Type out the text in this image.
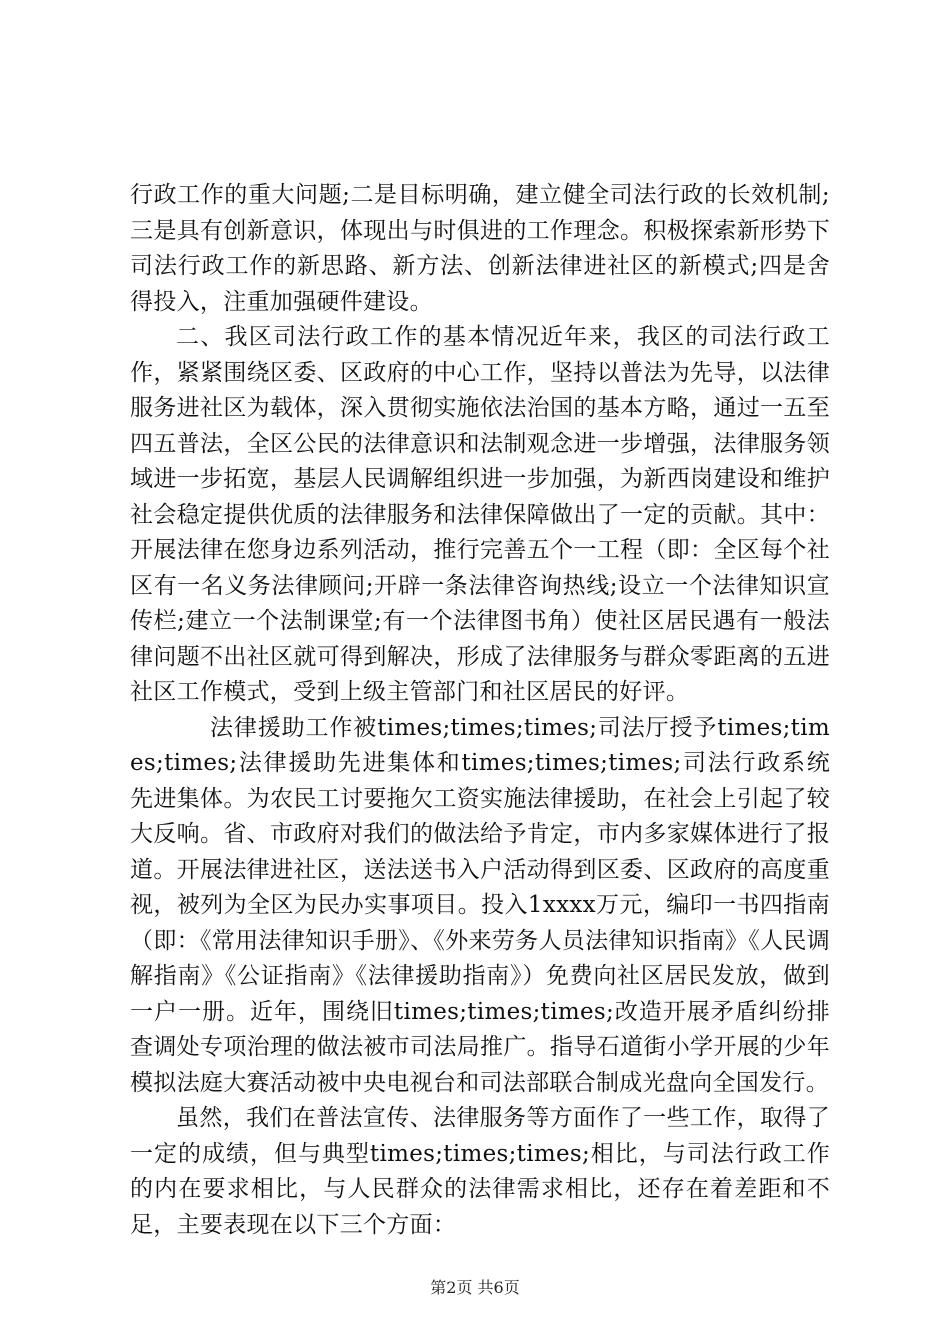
行政工作的重大问题;二是目标明确，建立健全司法行政的长效机制;三是具有创新意识，体现出与时俱进的工作理念。积极探索新形势下司法行政工作的新思路、新方法、创新法律进社区的新模式;四是舍得投入，注重加强硬件建设。

二、我区司法行政工作的基本情况近年来，我区的司法行政工作，紧紧围绕区委、区政府的中心工作，坚持以普法为先导，以法律服务进社区为载体，深入贯彻实施依法治国的基本方略，通过一五至四五普法，全区公民的法律意识和法制观念进一步增强，法律服务领域进一步拓宽，基层人民调解组织进一步加强，为新西岗建设和维护社会稳定提供优质的法律服务和法律保障做出了一定的贡献。其中：开展法律在您身边系列活动，推行完善五个一工程（即：全区每个社区有一名义务法律顾问;开辟一条法律咨询热线;设立一个法律知识宣传栏;建立一个法制课堂;有一个法律图书角）使社区居民遇有一般法律问题不出社区就可得到解决，形成了法律服务与群众零距离的五进社区工作模式，受到上级主管部门和社区居民的好评。

法律援助工作被times;times;times;司法厅授予times;times;times;法律援助先进集体和times;times;times;司法行政系统先进集体。为农民工讨要拖欠工资实施法律援助，在社会上引起了较大反响。省、市政府对我们的做法给予肯定，市内多家媒体进行了报道。开展法律进社区，送法送书入户活动得到区委、区政府的高度重视，被列为全区为民办实事项目。投入1xxxx万元，编印一书四指南（即：《常用法律知识手册》、《外来劳务人员法律知识指南》《人民调解指南》《公证指南》《法律援助指南》）免费向社区居民发放，做到一户一册。近年，围绕旧times;times;times;改造开展矛盾纠纷排查调处专项治理的做法被市司法局推广。指导石道街小学开展的少年模拟法庭大赛活动被中央电视台和司法部联合制成光盘向全国发行。

虽然，我们在普法宣传、法律服务等方面作了一些工作，取得了一定的成绩，但与典型times;times;times;相比，与司法行政工作的内在要求相比，与人民群众的法律需求相比，还存在着差距和不足，主要表现在以下三个方面：

第2页 共6页
